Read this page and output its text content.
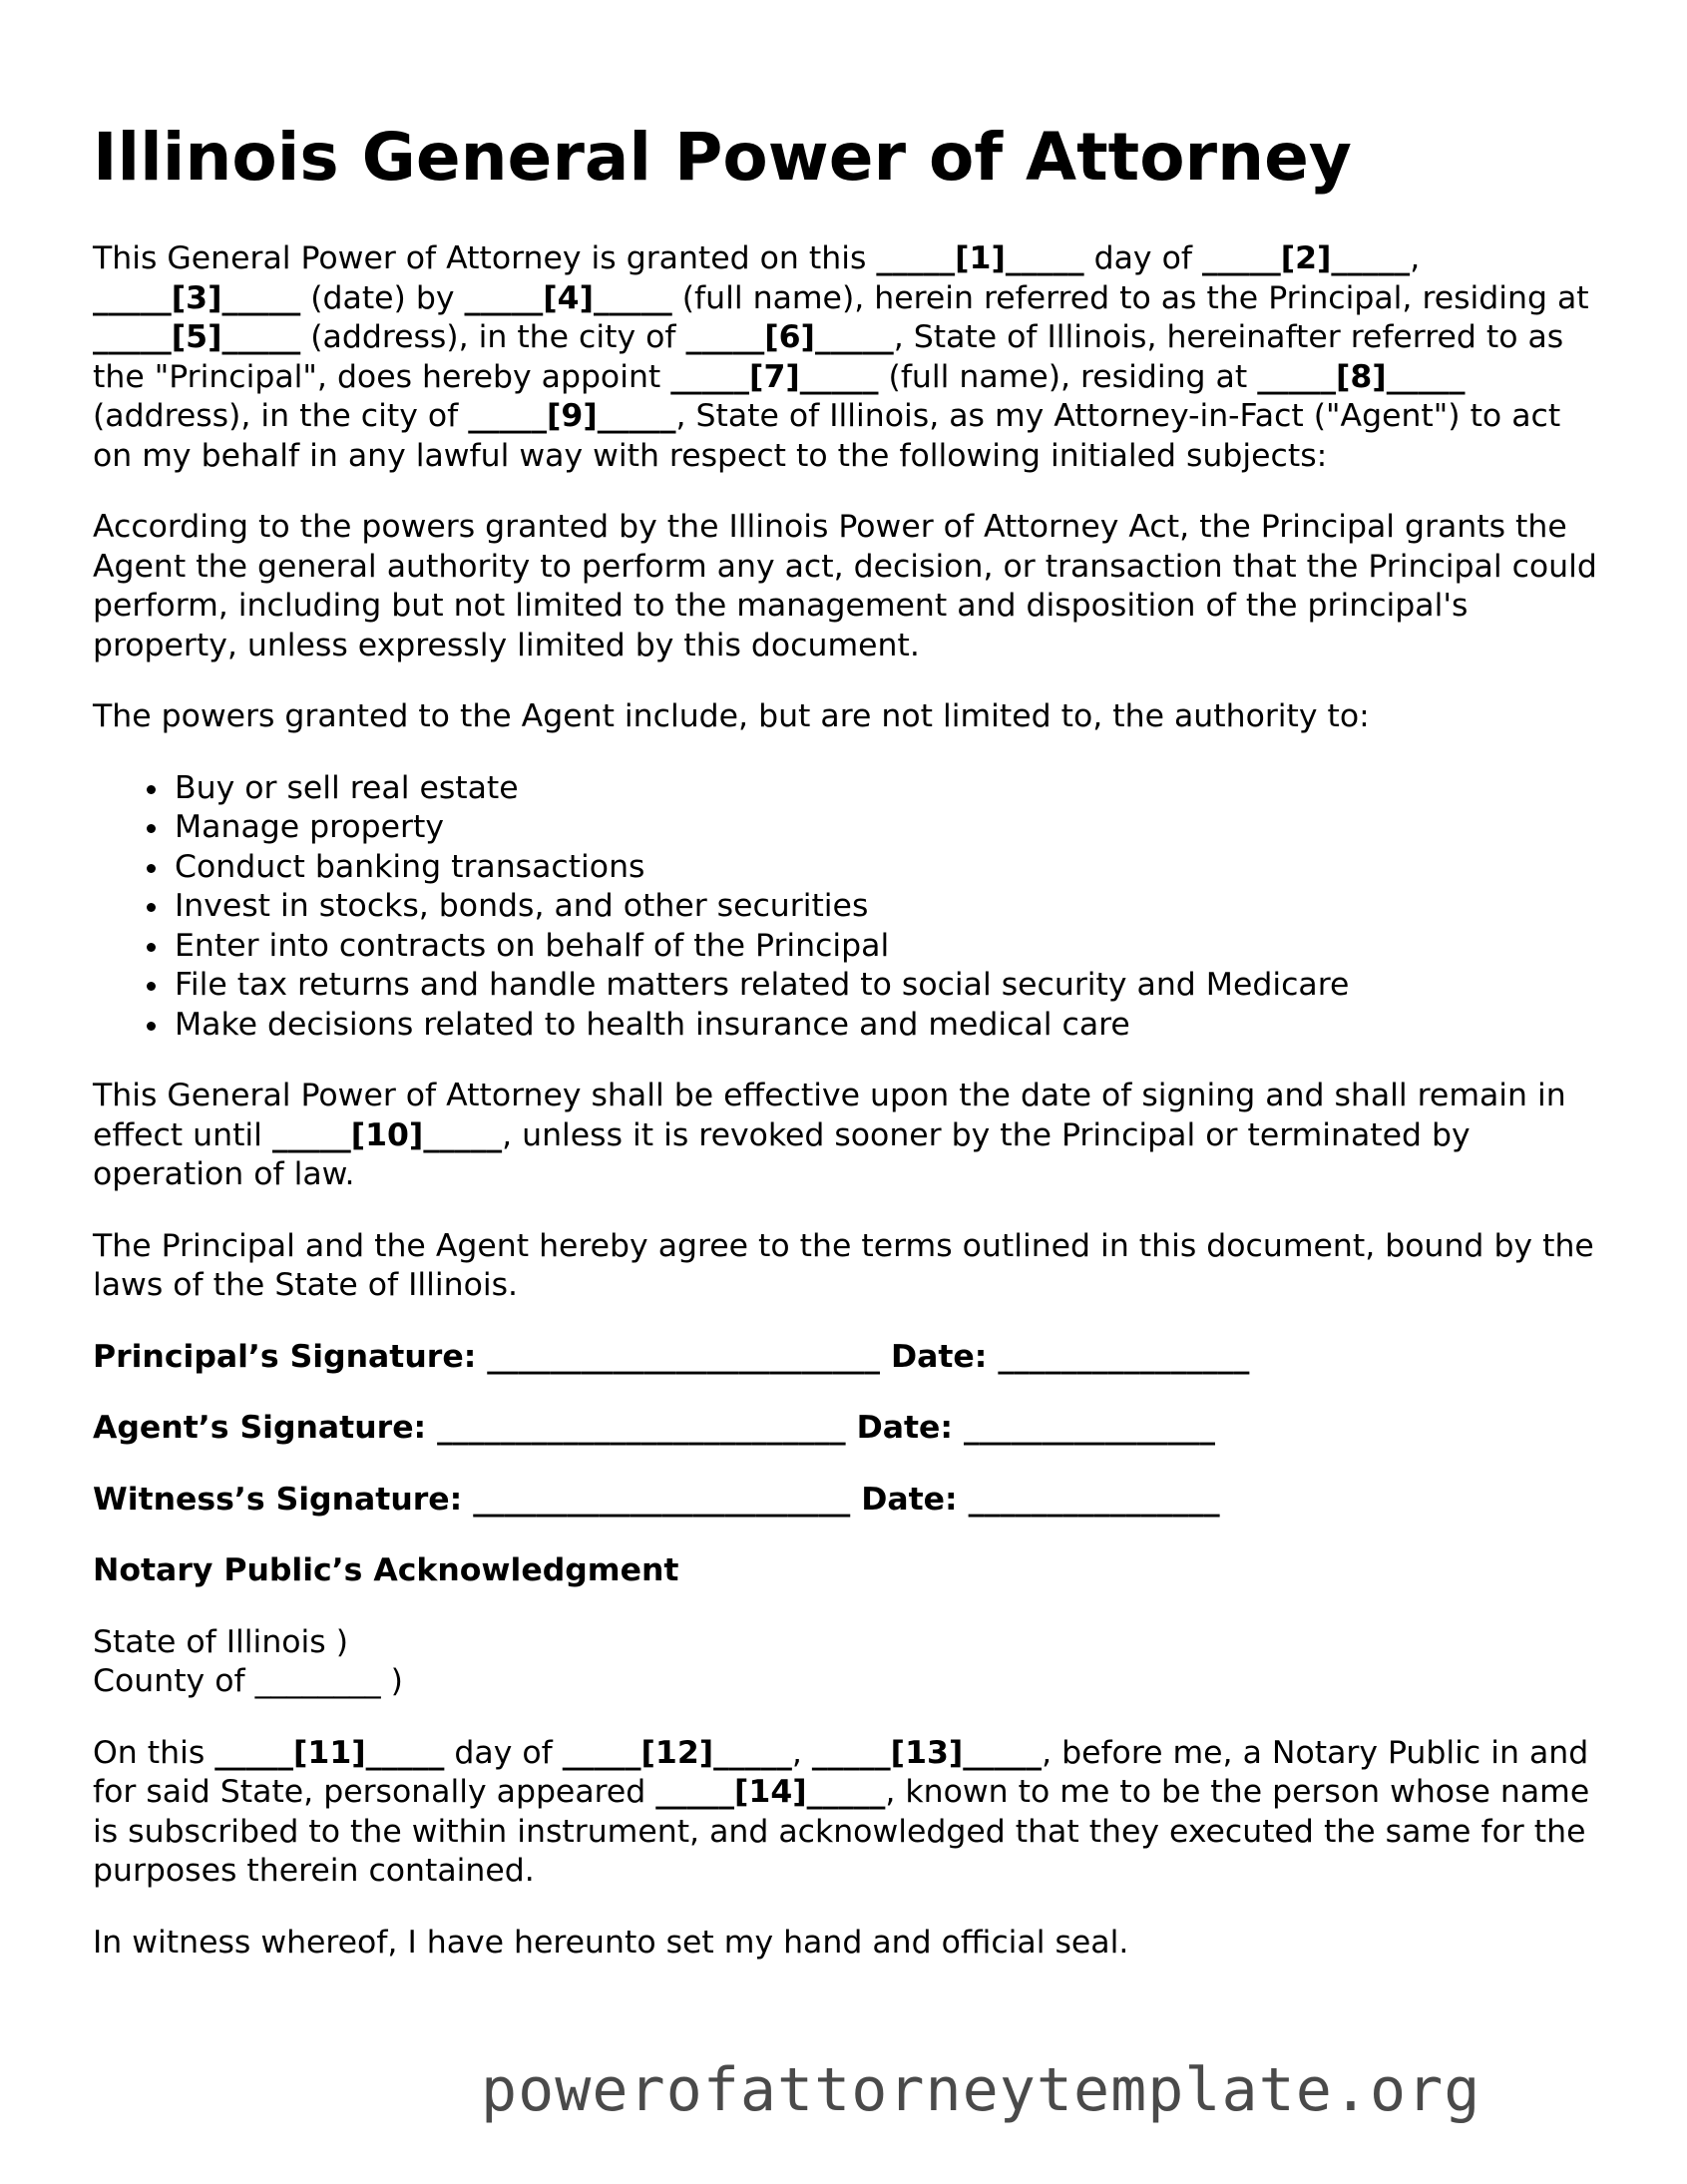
Illinois General Power of Attorney

This General Power of Attorney is granted on this _____[1]_____ day of _____[2]_____, _____[3]_____ (date) by _____[4]_____ (full name), herein referred to as the Principal, residing at _____[5]_____ (address), in the city of _____[6]_____, State of Illinois, hereinafter referred to as the "Principal", does hereby appoint _____[7]_____ (full name), residing at _____[8]_____ (address), in the city of _____[9]_____, State of Illinois, as my Attorney-in-Fact ("Agent") to act on my behalf in any lawful way with respect to the following initialed subjects:

According to the powers granted by the Illinois Power of Attorney Act, the Principal grants the Agent the general authority to perform any act, decision, or transaction that the Principal could perform, including but not limited to the management and disposition of the principal's property, unless expressly limited by this document.

The powers granted to the Agent include, but are not limited to, the authority to:

Buy or sell real estate
Manage property
Conduct banking transactions
Invest in stocks, bonds, and other securities
Enter into contracts on behalf of the Principal
File tax returns and handle matters related to social security and Medicare
Make decisions related to health insurance and medical care

This General Power of Attorney shall be effective upon the date of signing and shall remain in effect until _____[10]_____, unless it is revoked sooner by the Principal or terminated by operation of law.

The Principal and the Agent hereby agree to the terms outlined in this document, bound by the laws of the State of Illinois.

Principal’s Signature: _________________________ Date: ________________
Agent’s Signature: __________________________ Date: ________________
Witness’s Signature: ________________________ Date: ________________
Notary Public’s Acknowledgment

State of Illinois )
County of ________ )

On this _____[11]_____ day of _____[12]_____, _____[13]_____, before me, a Notary Public in and for said State, personally appeared _____[14]_____, known to me to be the person whose name is subscribed to the within instrument, and acknowledged that they executed the same for the purposes therein contained.

In witness whereof, I have hereunto set my hand and official seal.

powerofattorneytemplate.org
